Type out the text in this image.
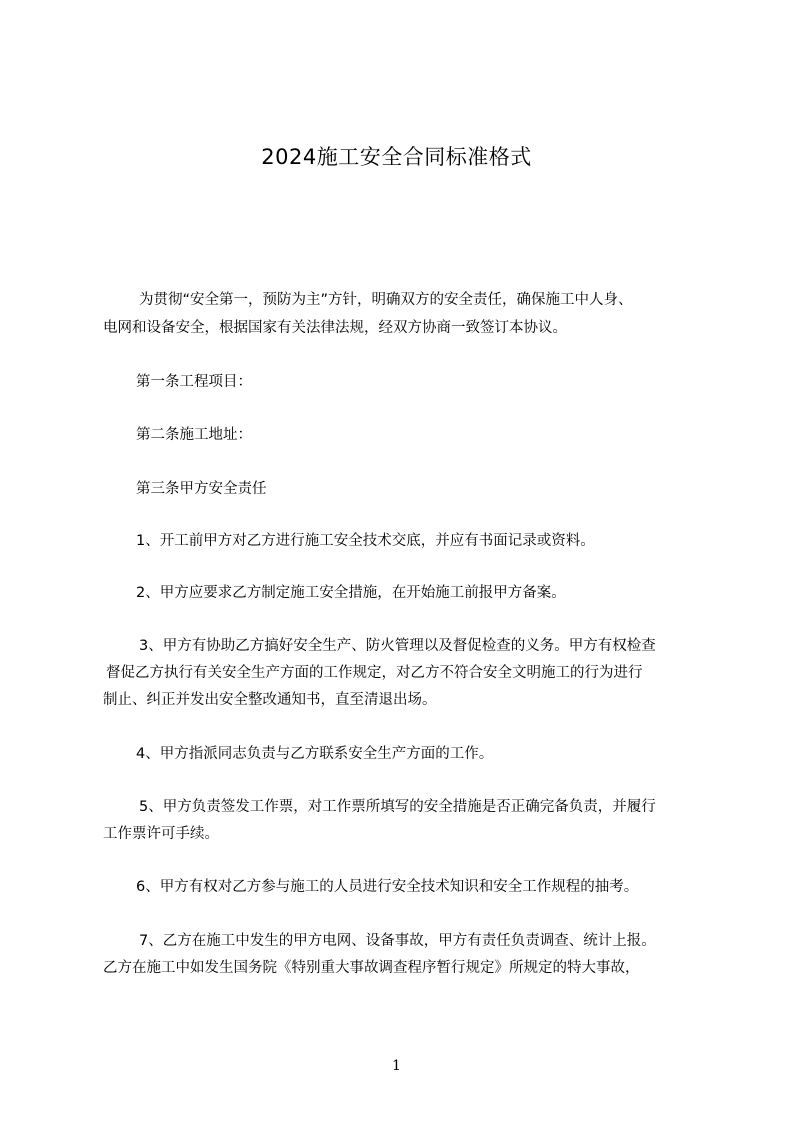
2024施工安全合同标准格式
为贯彻“安全第一，预防为主”方针，明确双方的安全责任，确保施工中人身、
电网和设备安全，根据国家有关法律法规，经双方协商一致签订本协议。
第一条工程项目：
第二条施工地址：
第三条甲方安全责任
1、开工前甲方对乙方进行施工安全技术交底，并应有书面记录或资料。
2、甲方应要求乙方制定施工安全措施，在开始施工前报甲方备案。
3、甲方有协助乙方搞好安全生产、防火管理以及督促检查的义务。甲方有权检查
督促乙方执行有关安全生产方面的工作规定，对乙方不符合安全文明施工的行为进行
制止、纠正并发出安全整改通知书，直至清退出场。
4、甲方指派同志负责与乙方联系安全生产方面的工作。
5、甲方负责签发工作票，对工作票所填写的安全措施是否正确完备负责，并履行
工作票许可手续。
6、甲方有权对乙方参与施工的人员进行安全技术知识和安全工作规程的抽考。
7、乙方在施工中发生的甲方电网、设备事故，甲方有责任负责调查、统计上报。
乙方在施工中如发生国务院《特别重大事故调查程序暂行规定》所规定的特大事故，
1
